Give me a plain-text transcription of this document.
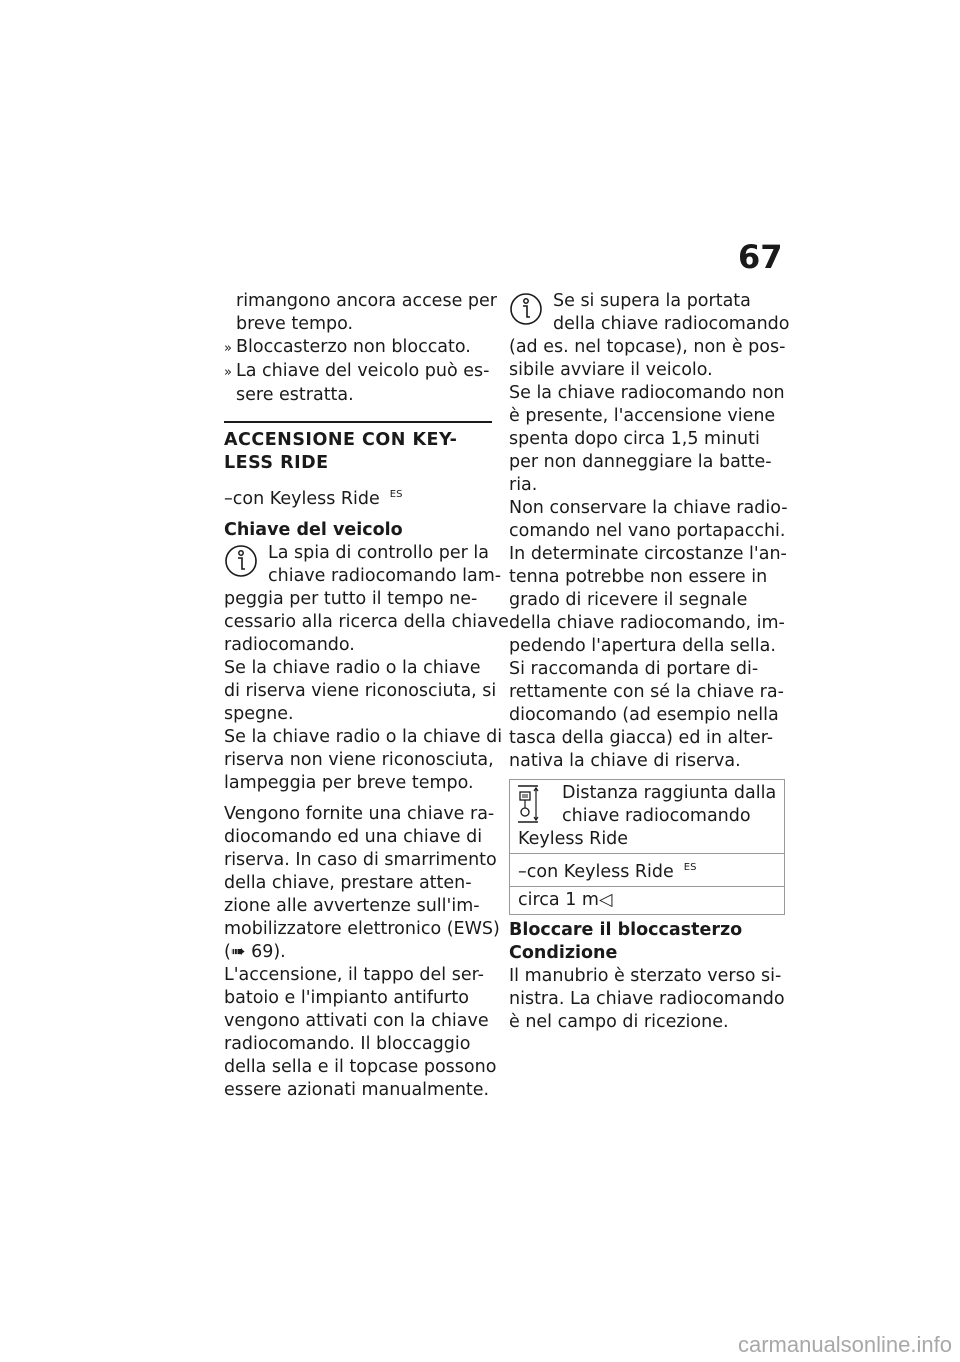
67
rimangono ancora accese per
breve tempo.
» Bloccasterzo non bloccato.
» La chiave del veicolo può es-
sere estratta.
ACCENSIONE CON KEY-
LESS RIDE
–con Keyless Ride $^{ES}$
Chiave del veicolo
La spia di controllo per la
chiave radiocomando lam-
peggia per tutto il tempo ne-
cessario alla ricerca della chiave
radiocomando.
Se la chiave radio o la chiave
di riserva viene riconosciuta, si
spegne.
Se la chiave radio o la chiave di
riserva non viene riconosciuta,
lampeggia per breve tempo.
Vengono fornite una chiave ra-
diocomando ed una chiave di
riserva. In caso di smarrimento
della chiave, prestare atten-
zione alle avvertenze sull'im-
mobilizzatore elettronico (EWS)
(➠ 69).
L'accensione, il tappo del ser-
batoio e l'impianto antifurto
vengono attivati con la chiave
radiocomando. Il bloccaggio
della sella e il topcase possono
essere azionati manualmente.
Se si supera la portata
della chiave radiocomando
(ad es. nel topcase), non è pos-
sibile avviare il veicolo.
Se la chiave radiocomando non
è presente, l'accensione viene
spenta dopo circa 1,5 minuti
per non danneggiare la batte-
ria.
Non conservare la chiave radio-
comando nel vano portapacchi.
In determinate circostanze l'an-
tenna potrebbe non essere in
grado di ricevere il segnale
della chiave radiocomando, im-
pedendo l'apertura della sella.
Si raccomanda di portare di-
rettamente con sé la chiave ra-
diocomando (ad esempio nella
tasca della giacca) ed in alter-
nativa la chiave di riserva.
Distanza raggiunta dalla
chiave radiocomando
Keyless Ride

–con Keyless Ride $^{ES}$
circa 1 m◁
Bloccare il bloccasterzo
Condizione
Il manubrio è sterzato verso si-
nistra. La chiave radiocomando
è nel campo di ricezione.
carmanualsonline.info
